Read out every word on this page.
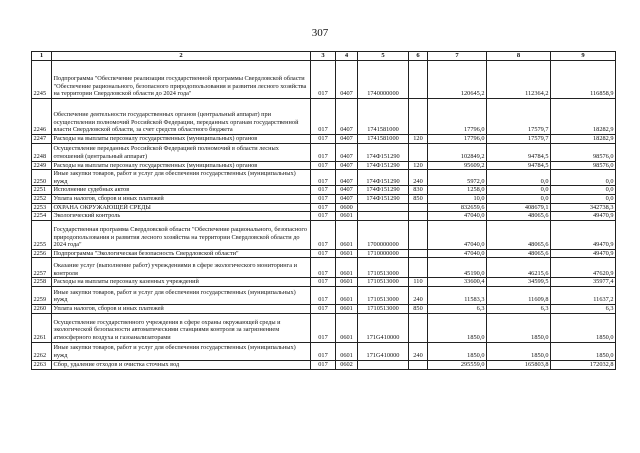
307
1	2	3	4	5	6	7	8	9
2245	Подпрограмма "Обеспечение реализации государственной программы Свердловской области "Обеспечение рационального, безопасного природопользования и развития лесного хозяйства на территории Свердловской области до 2024 года"	017	0407	1740000000		120645,2	112364,2	116858,9
2246	Обеспечение деятельности государственных органов (центральный аппарат) при осуществлении полномочий Российской Федерации, переданных органам государственной власти Свердловской области, за счет средств областного бюджета	017	0407	1741581000		17796,0	17579,7	18282,9
2247	Расходы на выплаты персоналу государственных (муниципальных) органов	017	0407	1741581000	120	17796,0	17579,7	18282,9
2248	Осуществление переданных Российской Федерацией полномочий в области лесных отношений (центральный аппарат)	017	0407	174Ф151290		102849,2	94784,5	98576,0
2249	Расходы на выплаты персоналу государственных (муниципальных) органов	017	0407	174Ф151290	120	95609,2	94784,5	98576,0
2250	Иные закупки товаров, работ и услуг для обеспечения государственных (муниципальных) нужд	017	0407	174Ф151290	240	5972,0	0,0	0,0
2251	Исполнение судебных актов	017	0407	174Ф151290	830	1258,0	0,0	0,0
2252	Уплата налогов, сборов и иных платежей	017	0407	174Ф151290	850	10,0	0,0	0,0
2253	ОХРАНА ОКРУЖАЮЩЕЙ СРЕДЫ	017	0600			832659,6	408679,1	342738,3
2254	Экологический контроль	017	0601			47040,0	48065,6	49470,9
2255	Государственная программа Свердловской области "Обеспечение рационального, безопасного природопользования и развития лесного хозяйства на территории Свердловской области до 2024 года"	017	0601	1700000000		47040,0	48065,6	49470,9
2256	Подпрограмма "Экологическая безопасность Свердловской области"	017	0601	1710000000		47040,0	48065,6	49470,9
2257	Оказание услуг (выполнение работ) учреждениями в сфере экологического мониторинга и контроля	017	0601	1710513000		45190,0	46215,6	47620,9
2258	Расходы на выплаты персоналу казенных учреждений	017	0601	1710513000	110	33600,4	34599,5	35977,4
2259	Иные закупки товаров, работ и услуг для обеспечения государственных (муниципальных) нужд	017	0601	1710513000	240	11583,3	11609,8	11637,2
2260	Уплата налогов, сборов и иных платежей	017	0601	1710513000	850	6,3	6,3	6,3
2261	Осуществление государственного учреждения в сфере охраны окружающей среды и экологической безопасности автоматическими станциями контроля за загрязнением атмосферного воздуха и газоанализаторами	017	0601	171G410000		1850,0	1850,0	1850,0
2262	Иные закупки товаров, работ и услуг для обеспечения государственных (муниципальных) нужд	017	0601	171G410000	240	1850,0	1850,0	1850,0
2263	Сбор, удаление отходов и очистка сточных вод	017	0602			295559,0	165803,8	172032,8
